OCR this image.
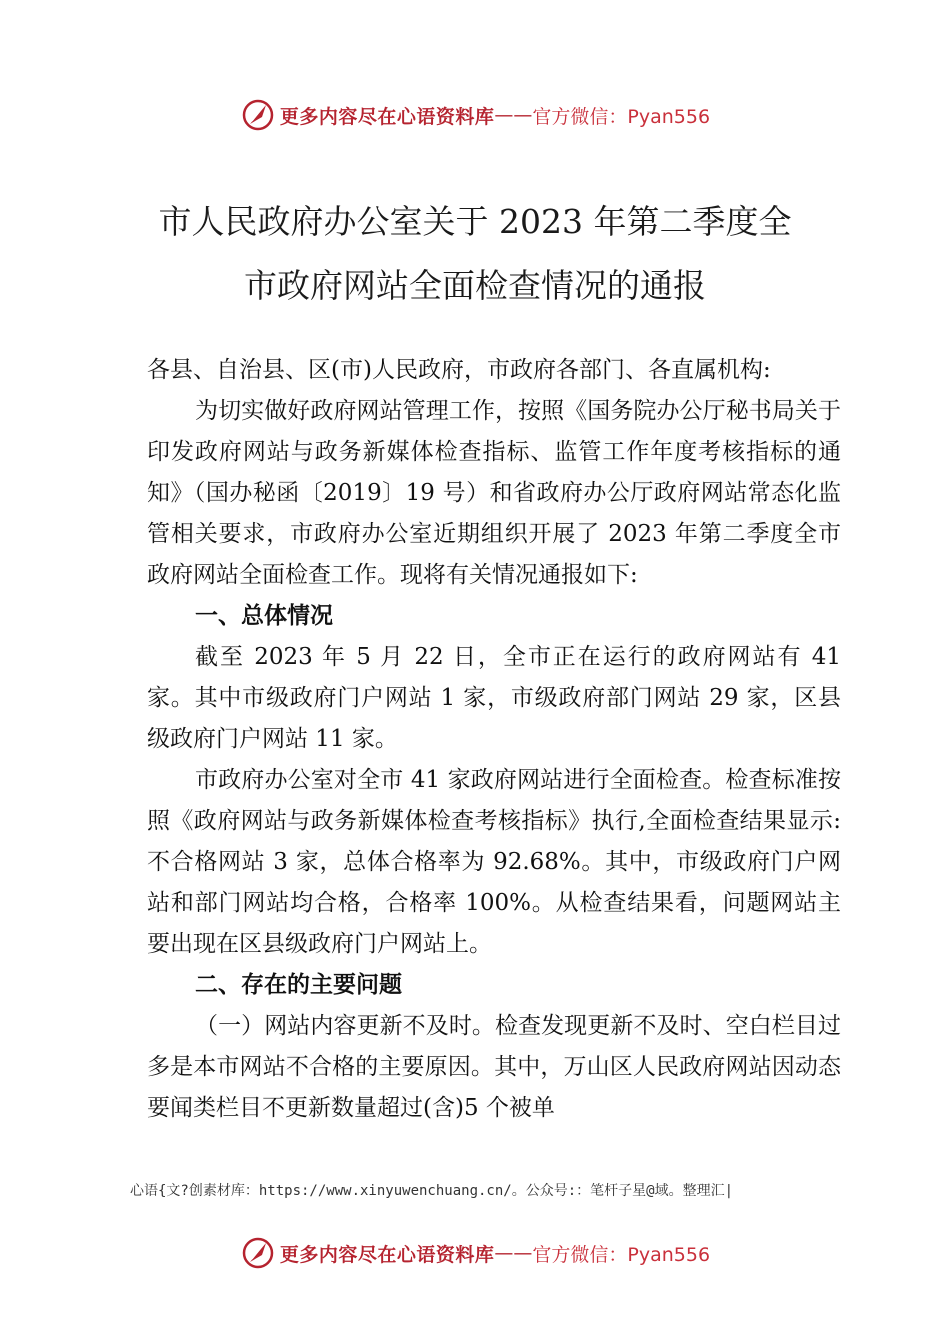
更多内容尽在心语资料库 —— 官方微信：Pyan556
市人民政府办公室关于 2023 年第二季度全
市政府网站全面检查情况的通报

各县、自治县、区(市)人民政府，市政府各部门、各直属机构:

为切实做好政府网站管理工作，按照《国务院办公厅秘书局关于印发政府网站与政务新媒体检查指标、监管工作年度考核指标的通知》（国办秘函〔2019〕19 号）和省政府办公厅政府网站常态化监管相关要求，市政府办公室近期组织开展了 2023 年第二季度全市政府网站全面检查工作。现将有关情况通报如下:

一、总体情况

截至 2023 年 5 月 22 日，全市正在运行的政府网站有 41 家。其中市级政府门户网站 1 家，市级政府部门网站 29 家，区县级政府门户网站 11 家。

市政府办公室对全市 41 家政府网站进行全面检查。检查标准按照《政府网站与政务新媒体检查考核指标》执行,全面检查结果显示:不合格网站 3 家，总体合格率为 92.68%。其中，市级政府门户网站和部门网站均合格，合格率 100%。从检查结果看，问题网站主要出现在区县级政府门户网站上。

二、存在的主要问题

（一）网站内容更新不及时。检查发现更新不及时、空白栏目过多是本市网站不合格的主要原因。其中，万山区人民政府网站因动态要闻类栏目不更新数量超过(含)5 个被单

心语{文?创素材库：https://www.xinyuwenchuang.cn/。公众号:：笔杆子星@域。整理汇|
更多内容尽在心语资料库 —— 官方微信：Pyan556
